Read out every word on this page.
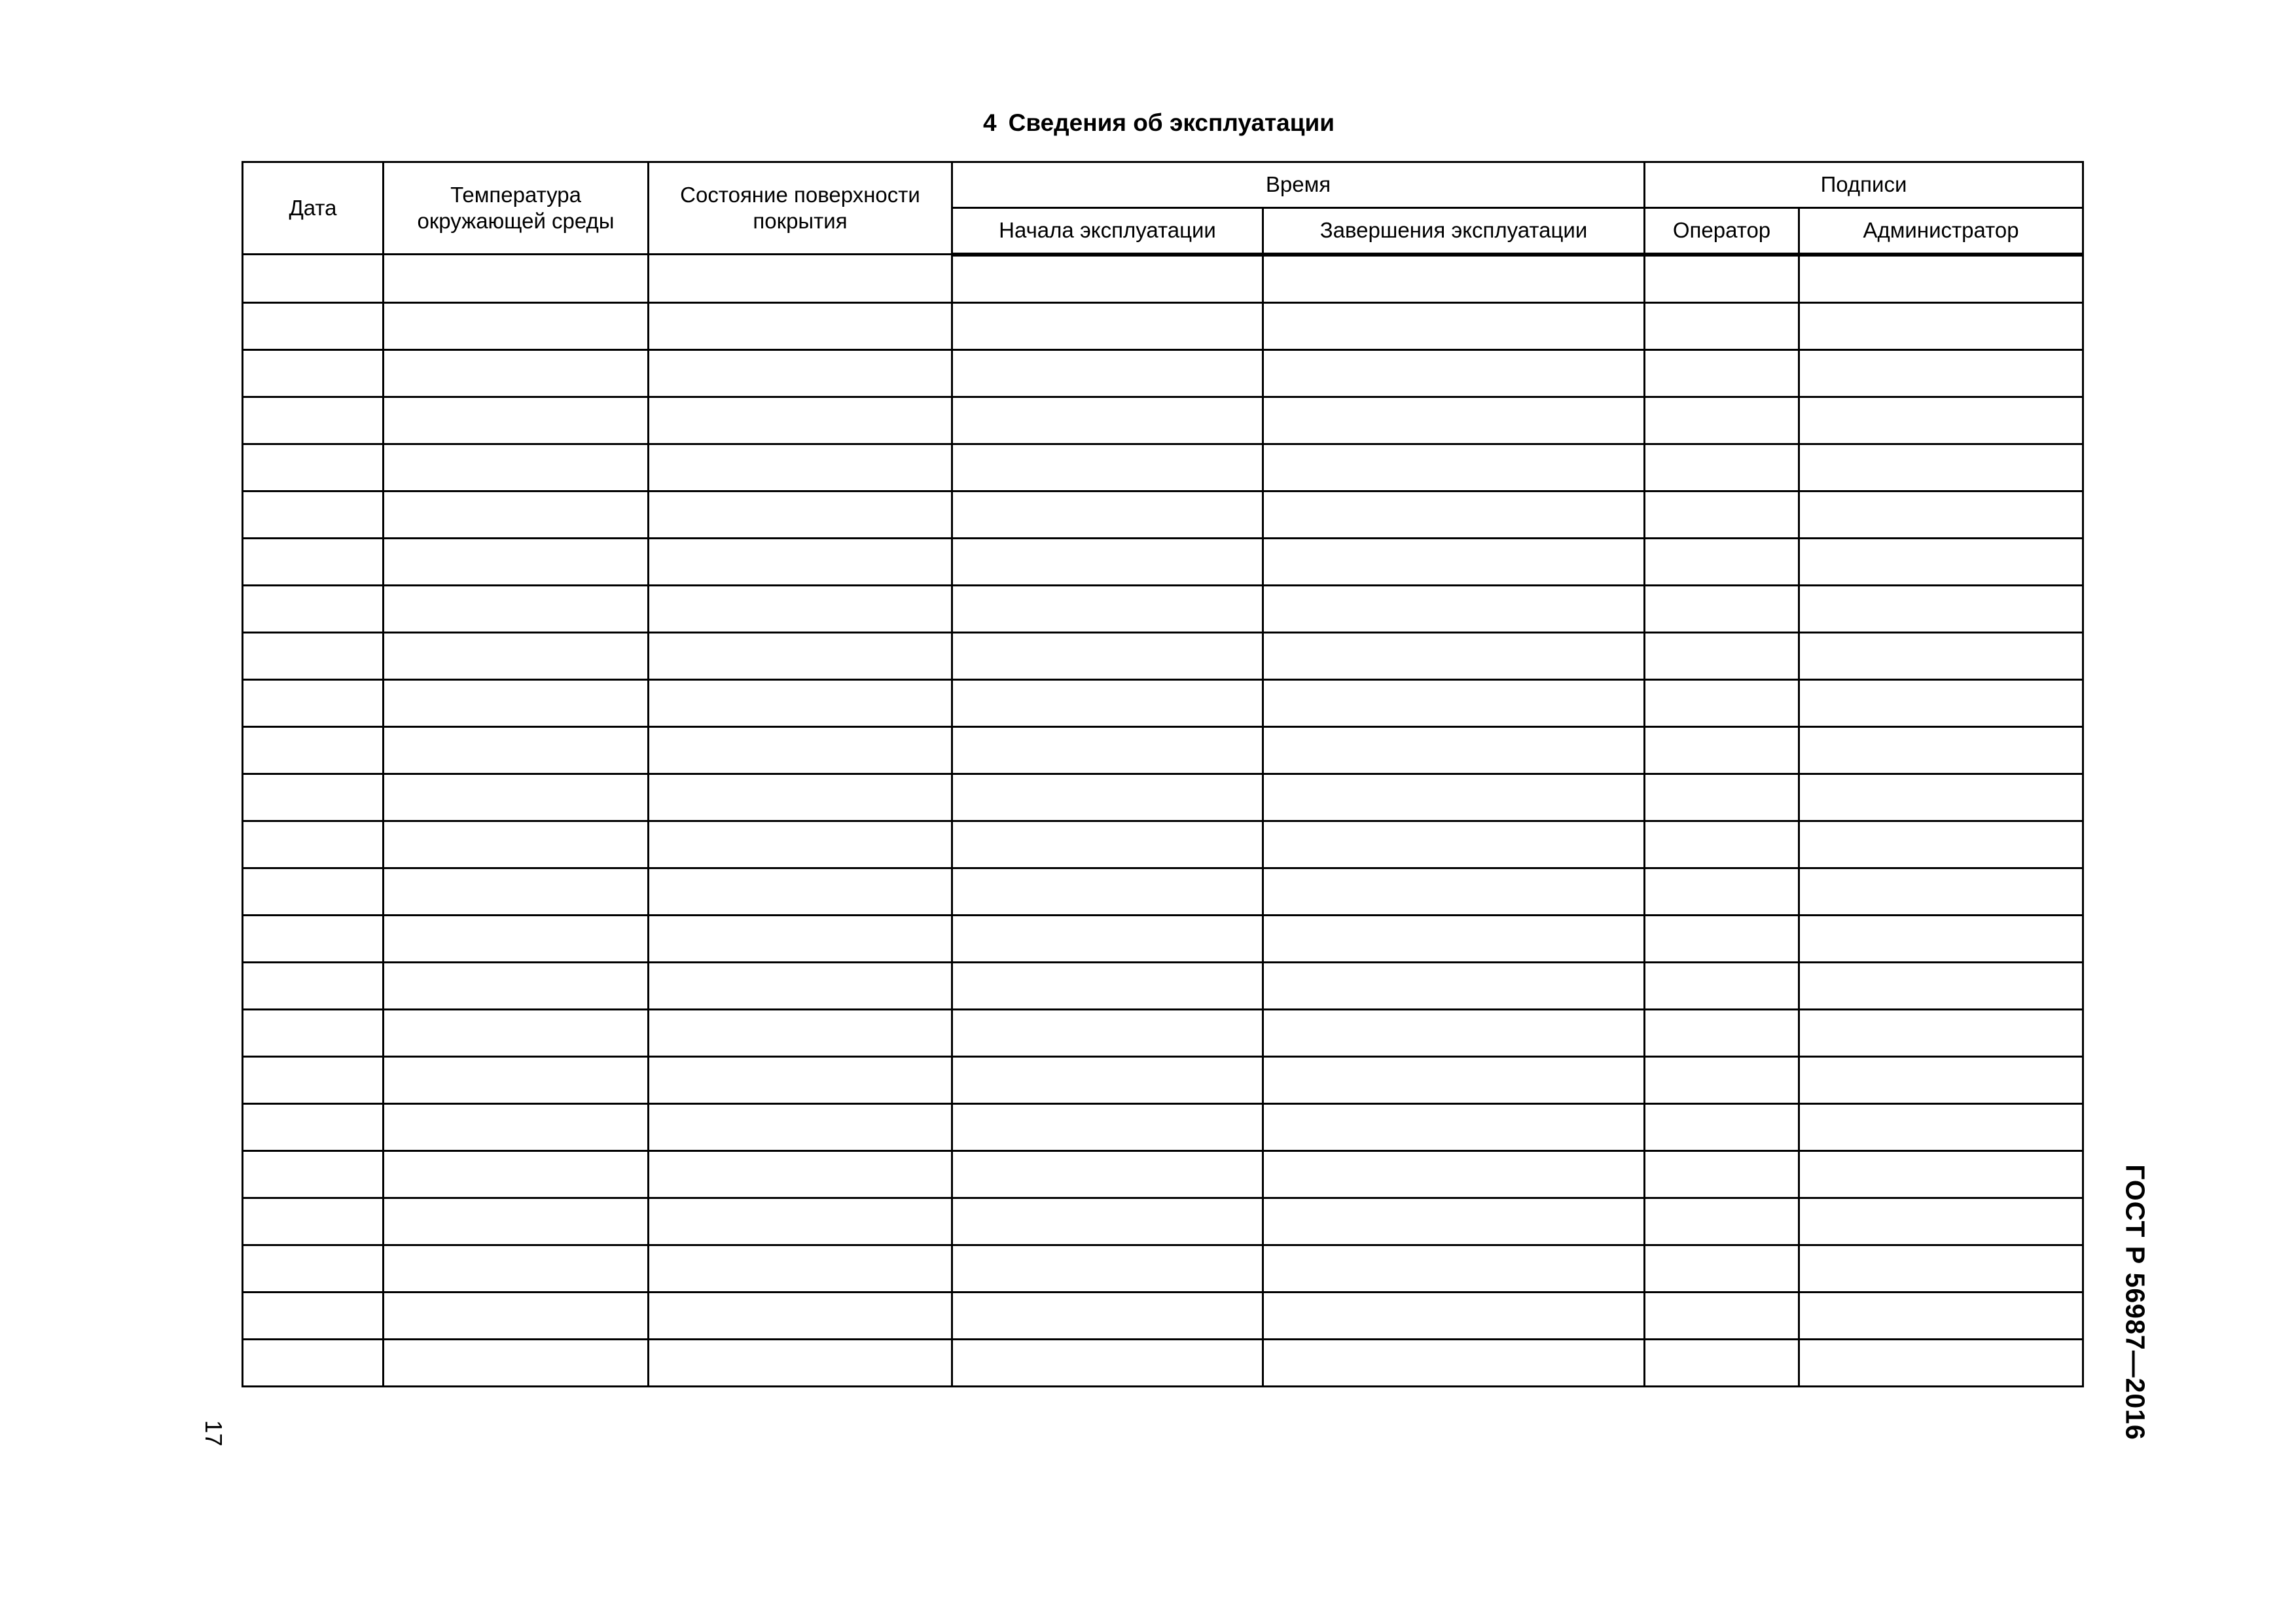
4 Сведения об эксплуатации
Дата	Температура окружающей среды	Состояние поверхности покрытия	Время		Подписи	
			Начала эксплуатации	Завершения эксплуатации	Оператор	Администратор

17	ГОСТ Р 56987—2016
